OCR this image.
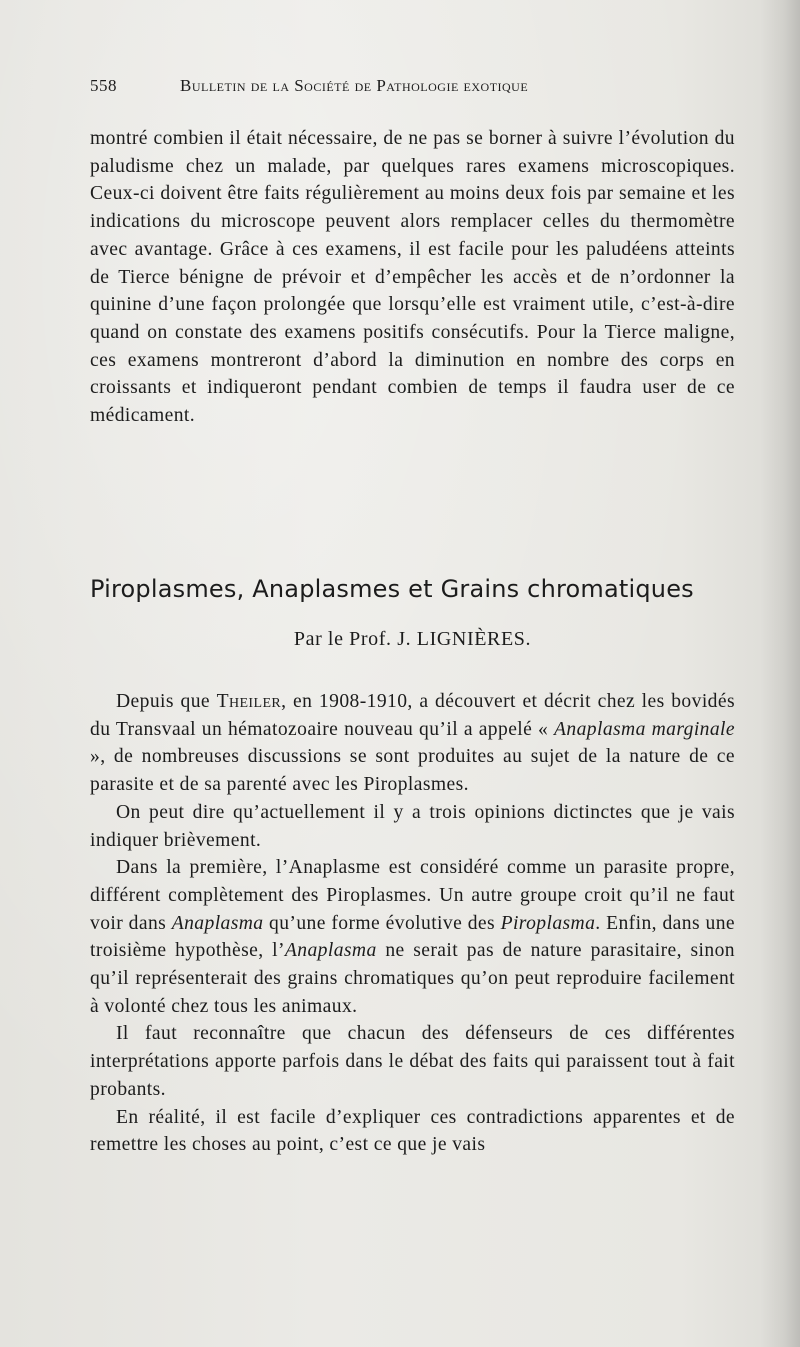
558	Bulletin de la Société de Pathologie exotique

montré combien il était nécessaire, de ne pas se borner à suivre l’évolution du paludisme chez un malade, par quelques rares examens microscopiques. Ceux-ci doivent être faits régulièrement au moins deux fois par semaine et les indications du microscope peuvent alors remplacer celles du thermomètre avec avantage. Grâce à ces examens, il est facile pour les paludéens atteints de Tierce bénigne de prévoir et d’empêcher les accès et de n’ordonner la quinine d’une façon prolongée que lorsqu’elle est vraiment utile, c’est-à-dire quand on constate des examens positifs consécutifs. Pour la Tierce maligne, ces examens montreront d’abord la diminution en nombre des corps en croissants et indiqueront pendant combien de temps il faudra user de ce médicament.

Piroplasmes, Anaplasmes et Grains chromatiques
Par le Prof. J. LIGNIÈRES.

Depuis que Theiler, en 1908-1910, a découvert et décrit chez les bovidés du Transvaal un hématozoaire nouveau qu’il a appelé « Anaplasma marginale », de nombreuses discussions se sont produites au sujet de la nature de ce parasite et de sa parenté avec les Piroplasmes.

On peut dire qu’actuellement il y a trois opinions dictinctes que je vais indiquer brièvement.

Dans la première, l’Anaplasme est considéré comme un parasite propre, différent complètement des Piroplasmes. Un autre groupe croit qu’il ne faut voir dans Anaplasma qu’une forme évolutive des Piroplasma. Enfin, dans une troisième hypothèse, l’Anaplasma ne serait pas de nature parasitaire, sinon qu’il représenterait des grains chromatiques qu’on peut reproduire facilement à volonté chez tous les animaux.

Il faut reconnaître que chacun des défenseurs de ces différentes interprétations apporte parfois dans le débat des faits qui paraissent tout à fait probants.

En réalité, il est facile d’expliquer ces contradictions apparentes et de remettre les choses au point, c’est ce que je vais
